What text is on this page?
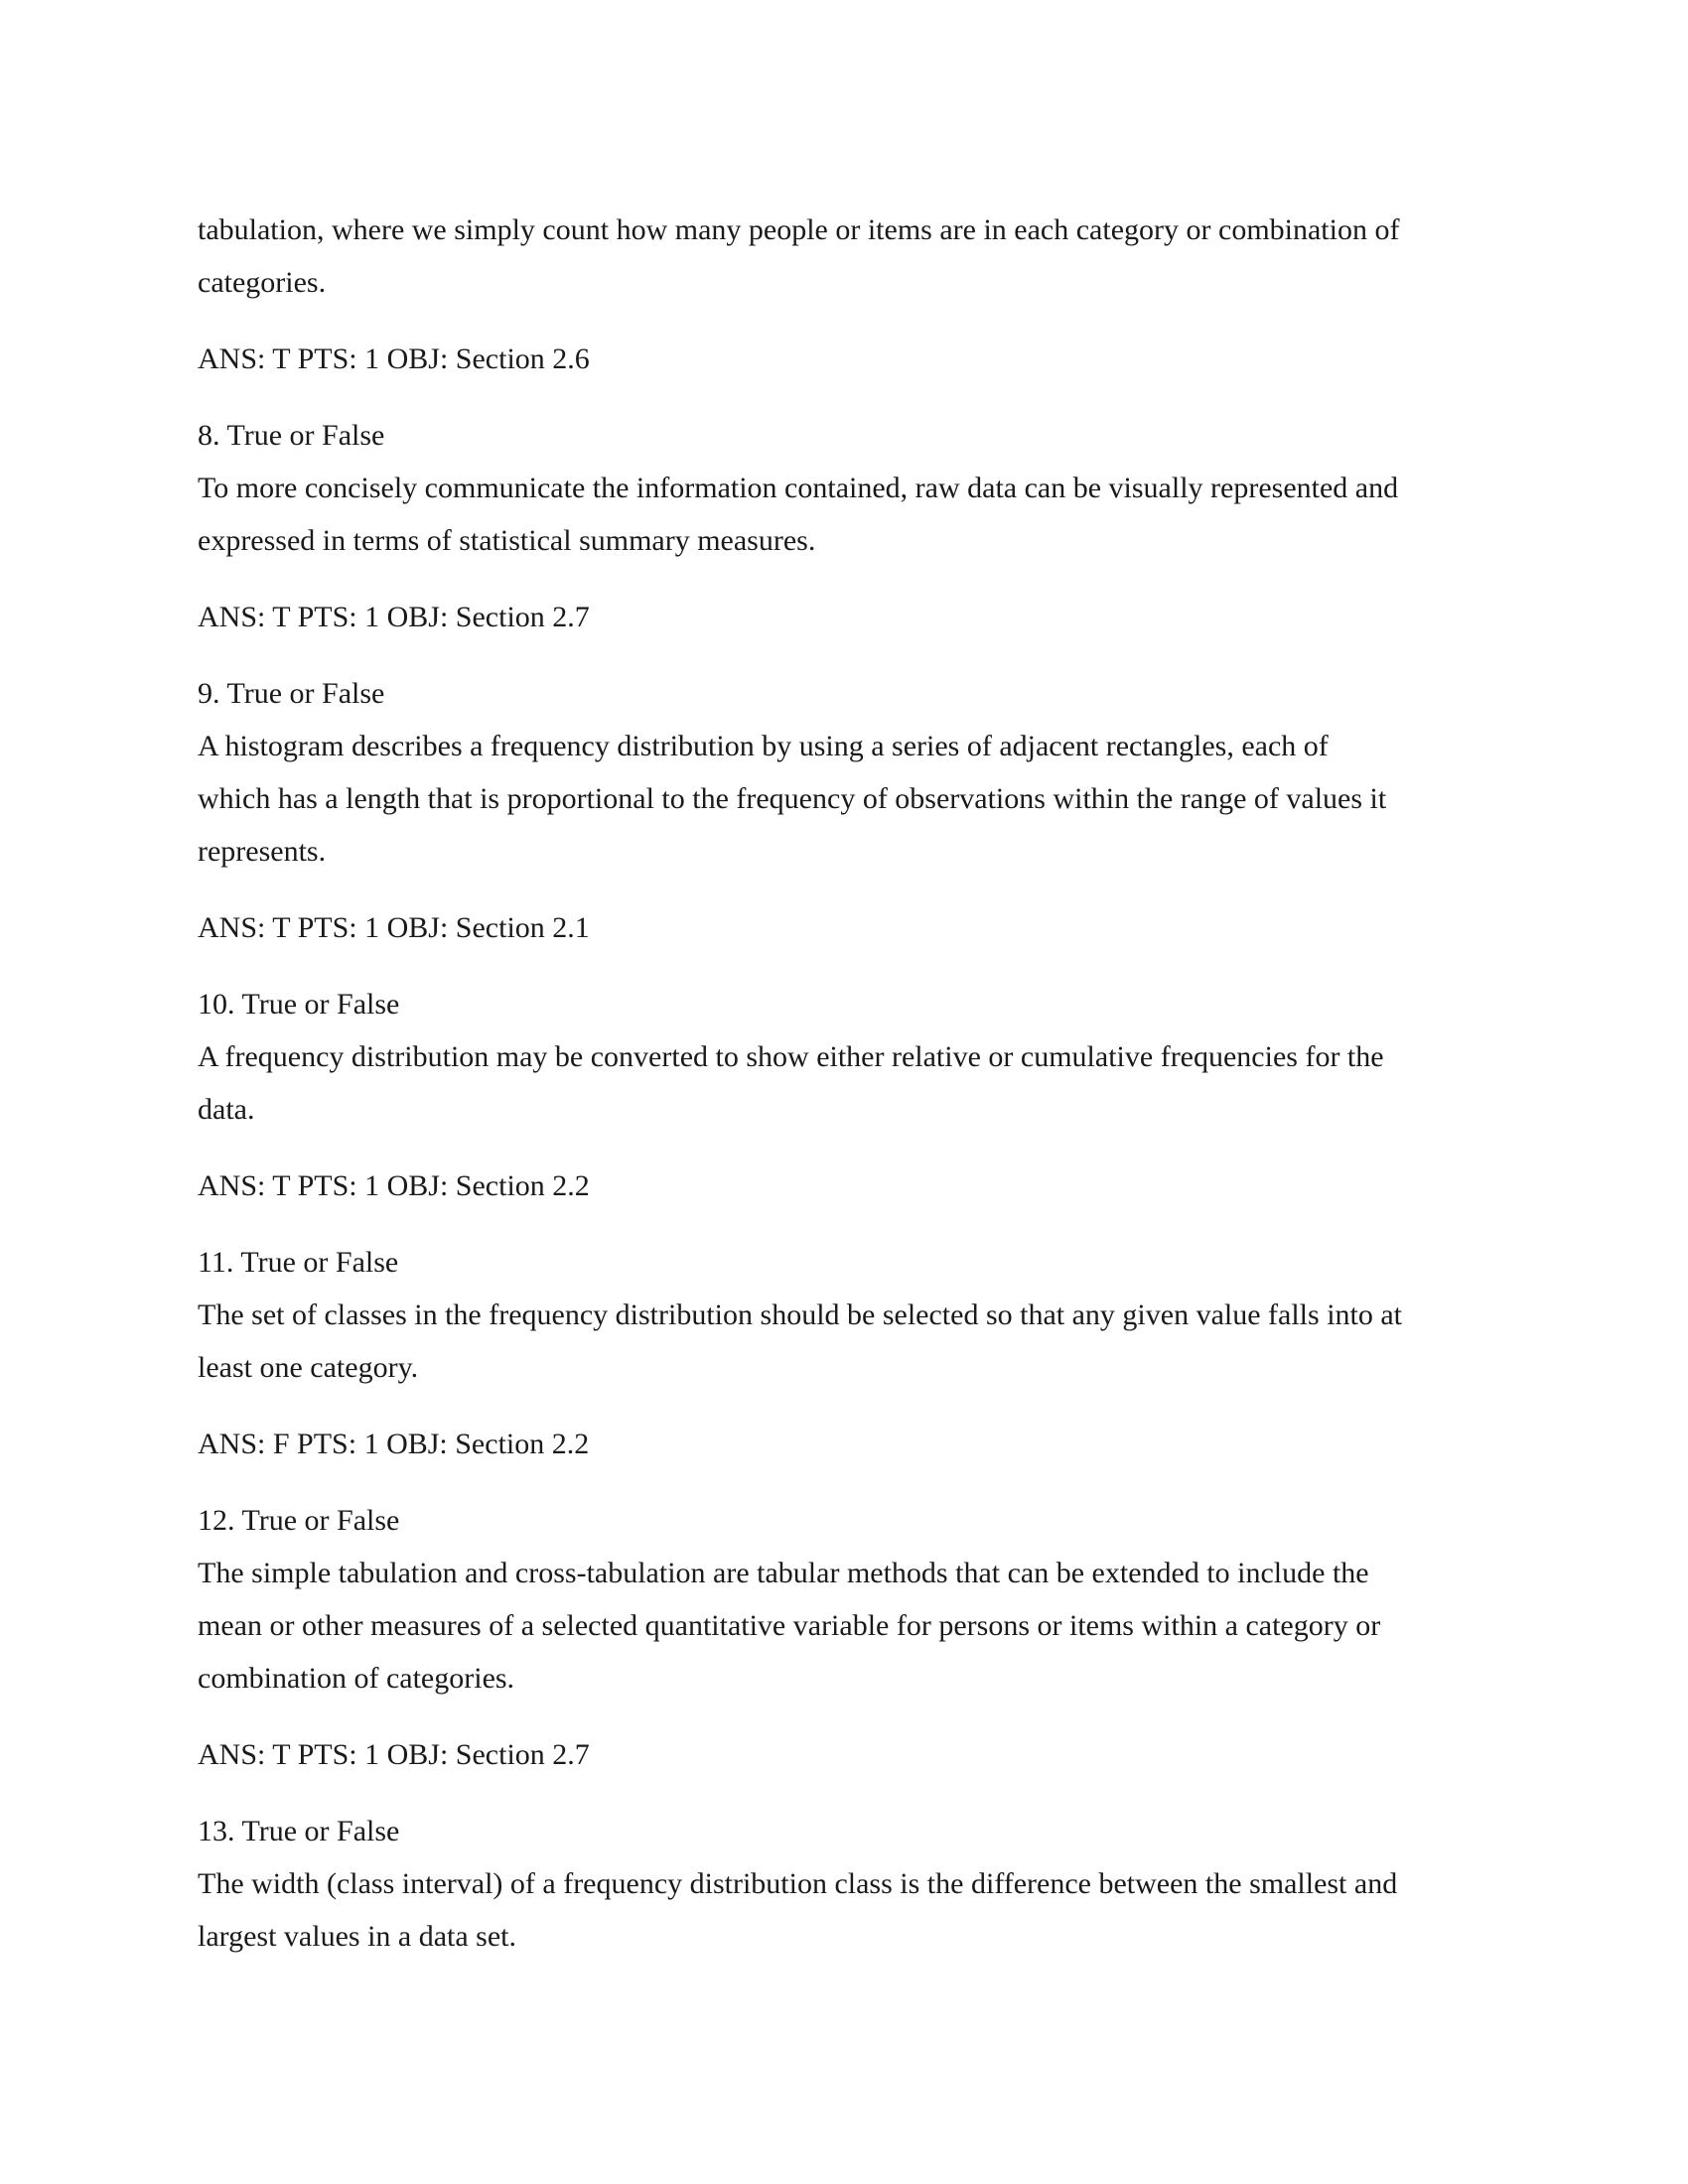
tabulation, where we simply count how many people or items are in each category or combination of
categories.
ANS: T PTS: 1 OBJ: Section 2.6
8. True or False
To more concisely communicate the information contained, raw data can be visually represented and
expressed in terms of statistical summary measures.
ANS: T PTS: 1 OBJ: Section 2.7
9. True or False
A histogram describes a frequency distribution by using a series of adjacent rectangles, each of
which has a length that is proportional to the frequency of observations within the range of values it
represents.
ANS: T PTS: 1 OBJ: Section 2.1
10. True or False
A frequency distribution may be converted to show either relative or cumulative frequencies for the
data.
ANS: T PTS: 1 OBJ: Section 2.2
11. True or False
The set of classes in the frequency distribution should be selected so that any given value falls into at
least one category.
ANS: F PTS: 1 OBJ: Section 2.2
12. True or False
The simple tabulation and cross-tabulation are tabular methods that can be extended to include the
mean or other measures of a selected quantitative variable for persons or items within a category or
combination of categories.
ANS: T PTS: 1 OBJ: Section 2.7
13. True or False
The width (class interval) of a frequency distribution class is the difference between the smallest and
largest values in a data set.
